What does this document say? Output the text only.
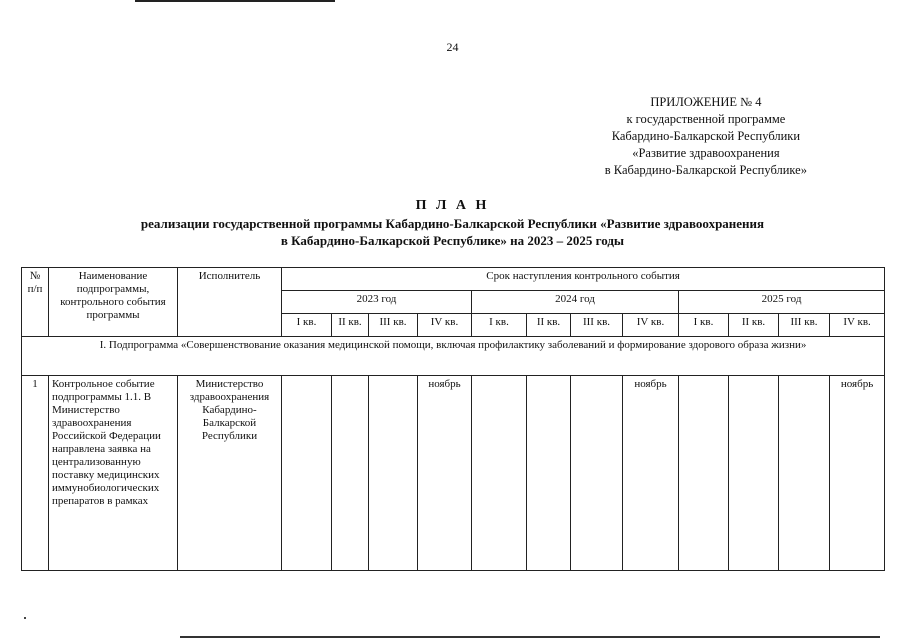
24
ПРИЛОЖЕНИЕ № 4
к государственной программе
Кабардино-Балкарской Республики
«Развитие здравоохранения
в Кабардино-Балкарской Республике»
П Л А Н
реализации государственной программы Кабардино-Балкарской Республики «Развитие здравоохранения
в Кабардино-Балкарской Республике» на 2023 – 2025 годы
№ п/п	Наименование подпрограммы, контрольного события программы	Исполнитель	Срок наступления контрольного события											
			2023 год				2024 год				2025 год			
			I кв.	II кв.	III кв.	IV кв.	I кв.	II кв.	III кв.	IV кв.	I кв.	II кв.	III кв.	IV кв.
I. Подпрограмма «Совершенствование оказания медицинской помощи, включая профилактику заболеваний и формирование здорового образа жизни»														
1	Контрольное событие подпрограммы 1.1. В Министерство здравоохранения Российской Федерации направлена заявка на централизованную поставку медицинских иммунобиологических препаратов в рамках	Министерство здравоохранения Кабардино-Балкарской Республики				ноябрь				ноябрь				ноябрь
